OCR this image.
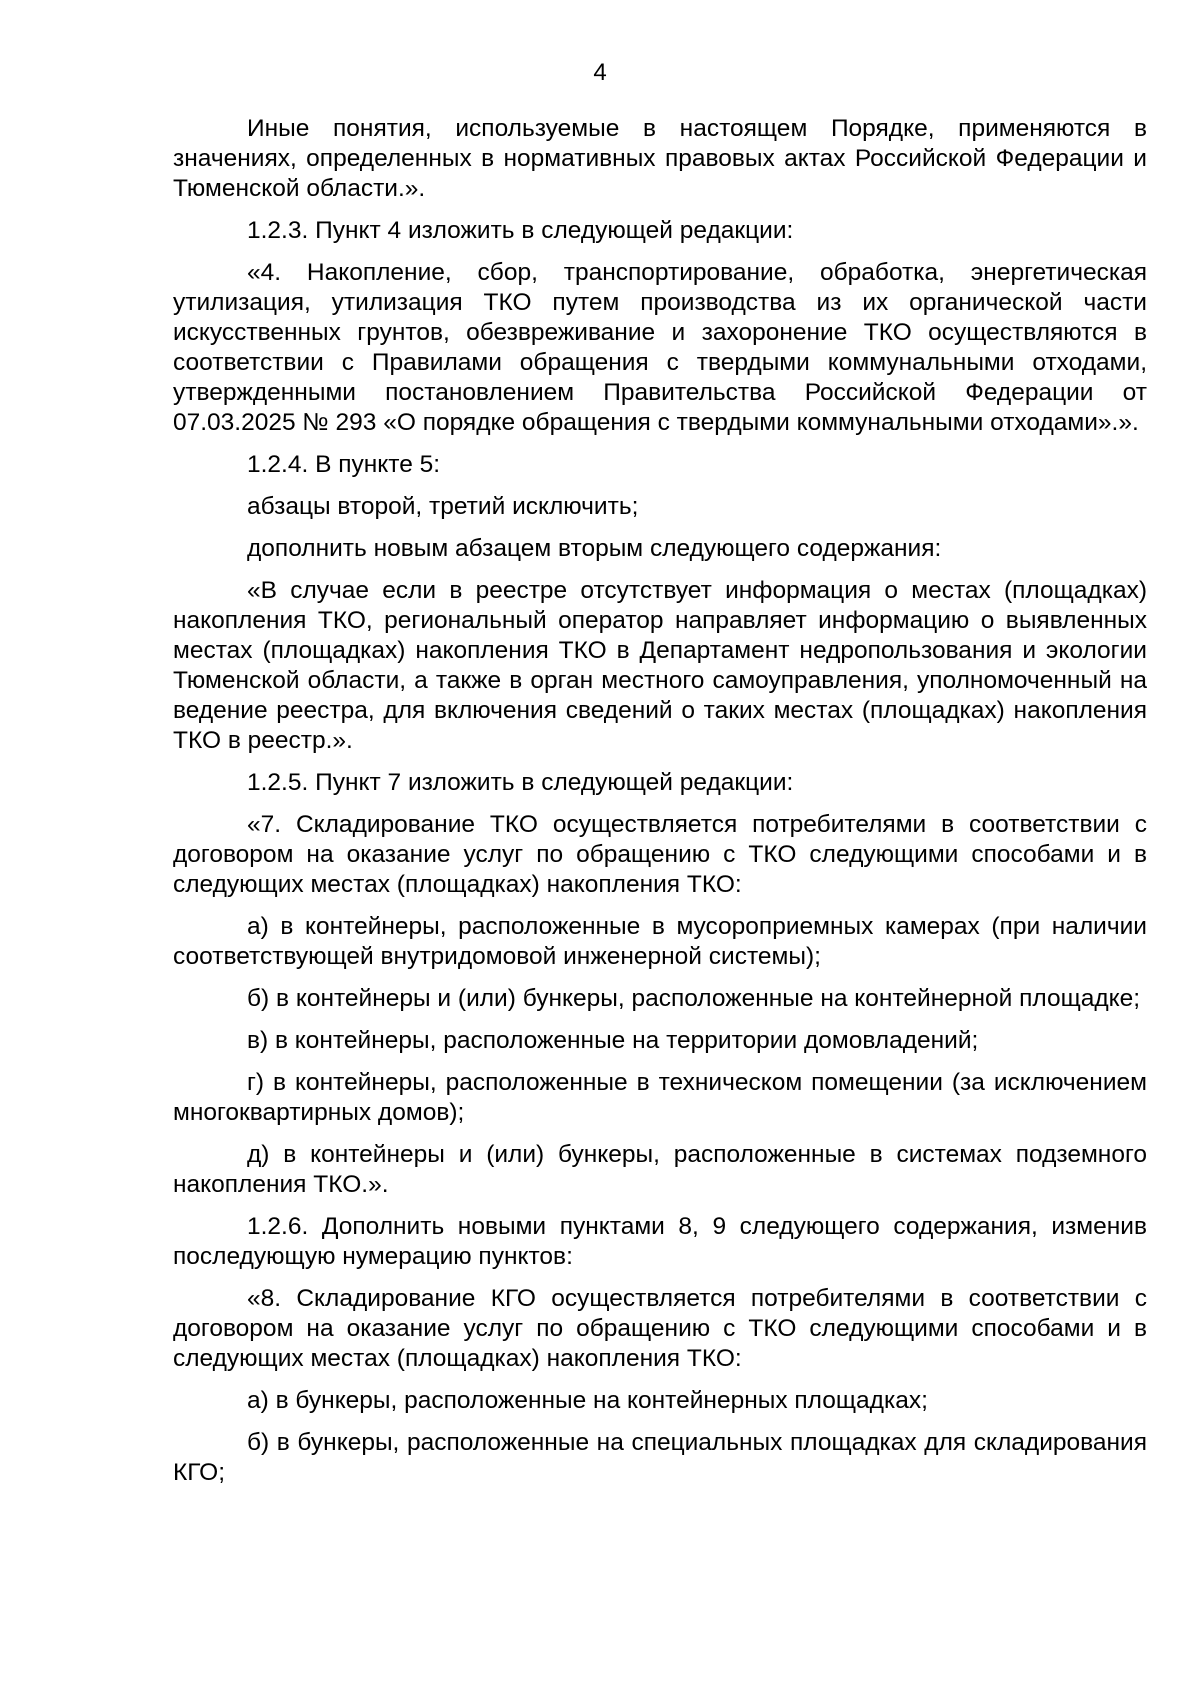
4

Иные понятия, используемые в настоящем Порядке, применяются в значениях, определенных в нормативных правовых актах Российской Федерации и Тюменской области.».

1.2.3. Пункт 4 изложить в следующей редакции:

«4. Накопление, сбор, транспортирование, обработка, энергетическая утилизация, утилизация ТКО путем производства из их органической части искусственных грунтов, обезвреживание и захоронение ТКО осуществляются в соответствии с Правилами обращения с твердыми коммунальными отходами, утвержденными постановлением Правительства Российской Федерации от 07.03.2025 № 293 «О порядке обращения с твердыми коммунальными отходами».».

1.2.4. В пункте 5:

абзацы второй, третий исключить;

дополнить новым абзацем вторым следующего содержания:

«В случае если в реестре отсутствует информация о местах (площадках) накопления ТКО, региональный оператор направляет информацию о выявленных местах (площадках) накопления ТКО в Департамент недропользования и экологии Тюменской области, а также в орган местного самоуправления, уполномоченный на ведение реестра, для включения сведений о таких местах (площадках) накопления ТКО в реестр.».

1.2.5. Пункт 7 изложить в следующей редакции:

«7. Складирование ТКО осуществляется потребителями в соответствии с договором на оказание услуг по обращению с ТКО следующими способами и в следующих местах (площадках) накопления ТКО:

а) в контейнеры, расположенные в мусороприемных камерах (при наличии соответствующей внутридомовой инженерной системы);

б) в контейнеры и (или) бункеры, расположенные на контейнерной площадке;

в) в контейнеры, расположенные на территории домовладений;

г) в контейнеры, расположенные в техническом помещении (за исключением многоквартирных домов);

д) в контейнеры и (или) бункеры, расположенные в системах подземного накопления ТКО.».

1.2.6. Дополнить новыми пунктами 8, 9 следующего содержания, изменив последующую нумерацию пунктов:

«8. Складирование КГО осуществляется потребителями в соответствии с договором на оказание услуг по обращению с ТКО следующими способами и в следующих местах (площадках) накопления ТКО:

а) в бункеры, расположенные на контейнерных площадках;

б) в бункеры, расположенные на специальных площадках для складирования КГО;
